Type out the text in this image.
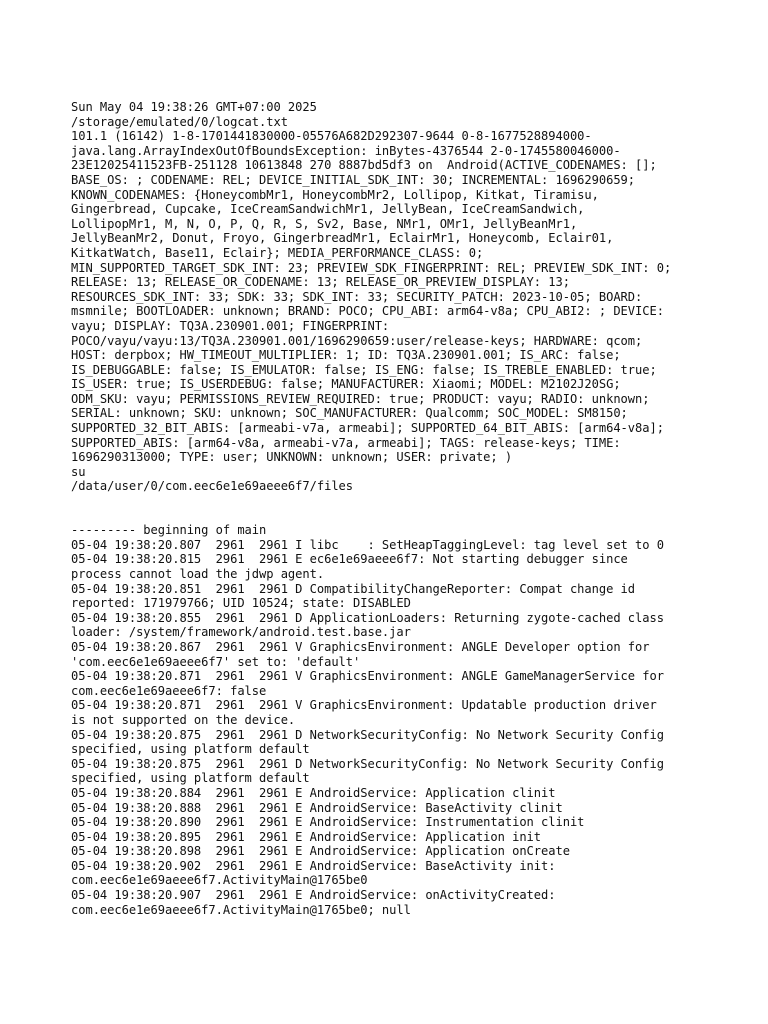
Sun May 04 19:38:26 GMT+07:00 2025
/storage/emulated/0/logcat.txt
101.1 (16142) 1-8-1701441830000-05576A682D292307-9644 0-8-1677528894000-
java.lang.ArrayIndexOutOfBoundsException: inBytes-4376544 2-0-1745580046000-
23E12025411523FB-251128 10613848 270 8887bd5df3 on  Android(ACTIVE_CODENAMES: [];
BASE_OS: ; CODENAME: REL; DEVICE_INITIAL_SDK_INT: 30; INCREMENTAL: 1696290659;
KNOWN_CODENAMES: {HoneycombMr1, HoneycombMr2, Lollipop, Kitkat, Tiramisu,
Gingerbread, Cupcake, IceCreamSandwichMr1, JellyBean, IceCreamSandwich,
LollipopMr1, M, N, O, P, Q, R, S, Sv2, Base, NMr1, OMr1, JellyBeanMr1,
JellyBeanMr2, Donut, Froyo, GingerbreadMr1, EclairMr1, Honeycomb, Eclair01,
KitkatWatch, Base11, Eclair}; MEDIA_PERFORMANCE_CLASS: 0;
MIN_SUPPORTED_TARGET_SDK_INT: 23; PREVIEW_SDK_FINGERPRINT: REL; PREVIEW_SDK_INT: 0;
RELEASE: 13; RELEASE_OR_CODENAME: 13; RELEASE_OR_PREVIEW_DISPLAY: 13;
RESOURCES_SDK_INT: 33; SDK: 33; SDK_INT: 33; SECURITY_PATCH: 2023-10-05; BOARD:
msmnile; BOOTLOADER: unknown; BRAND: POCO; CPU_ABI: arm64-v8a; CPU_ABI2: ; DEVICE:
vayu; DISPLAY: TQ3A.230901.001; FINGERPRINT:
POCO/vayu/vayu:13/TQ3A.230901.001/1696290659:user/release-keys; HARDWARE: qcom;
HOST: derpbox; HW_TIMEOUT_MULTIPLIER: 1; ID: TQ3A.230901.001; IS_ARC: false;
IS_DEBUGGABLE: false; IS_EMULATOR: false; IS_ENG: false; IS_TREBLE_ENABLED: true;
IS_USER: true; IS_USERDEBUG: false; MANUFACTURER: Xiaomi; MODEL: M2102J20SG;
ODM_SKU: vayu; PERMISSIONS_REVIEW_REQUIRED: true; PRODUCT: vayu; RADIO: unknown;
SERIAL: unknown; SKU: unknown; SOC_MANUFACTURER: Qualcomm; SOC_MODEL: SM8150;
SUPPORTED_32_BIT_ABIS: [armeabi-v7a, armeabi]; SUPPORTED_64_BIT_ABIS: [arm64-v8a];
SUPPORTED_ABIS: [arm64-v8a, armeabi-v7a, armeabi]; TAGS: release-keys; TIME:
1696290313000; TYPE: user; UNKNOWN: unknown; USER: private; )
su
/data/user/0/com.eec6e1e69aeee6f7/files
--------- beginning of main
05-04 19:38:20.807  2961  2961 I libc    : SetHeapTaggingLevel: tag level set to 0
05-04 19:38:20.815  2961  2961 E ec6e1e69aeee6f7: Not starting debugger since
process cannot load the jdwp agent.
05-04 19:38:20.851  2961  2961 D CompatibilityChangeReporter: Compat change id
reported: 171979766; UID 10524; state: DISABLED
05-04 19:38:20.855  2961  2961 D ApplicationLoaders: Returning zygote-cached class
loader: /system/framework/android.test.base.jar
05-04 19:38:20.867  2961  2961 V GraphicsEnvironment: ANGLE Developer option for
'com.eec6e1e69aeee6f7' set to: 'default'
05-04 19:38:20.871  2961  2961 V GraphicsEnvironment: ANGLE GameManagerService for
com.eec6e1e69aeee6f7: false
05-04 19:38:20.871  2961  2961 V GraphicsEnvironment: Updatable production driver
is not supported on the device.
05-04 19:38:20.875  2961  2961 D NetworkSecurityConfig: No Network Security Config
specified, using platform default
05-04 19:38:20.875  2961  2961 D NetworkSecurityConfig: No Network Security Config
specified, using platform default
05-04 19:38:20.884  2961  2961 E AndroidService: Application clinit
05-04 19:38:20.888  2961  2961 E AndroidService: BaseActivity clinit
05-04 19:38:20.890  2961  2961 E AndroidService: Instrumentation clinit
05-04 19:38:20.895  2961  2961 E AndroidService: Application init
05-04 19:38:20.898  2961  2961 E AndroidService: Application onCreate
05-04 19:38:20.902  2961  2961 E AndroidService: BaseActivity init:
com.eec6e1e69aeee6f7.ActivityMain@1765be0
05-04 19:38:20.907  2961  2961 E AndroidService: onActivityCreated:
com.eec6e1e69aeee6f7.ActivityMain@1765be0; null
